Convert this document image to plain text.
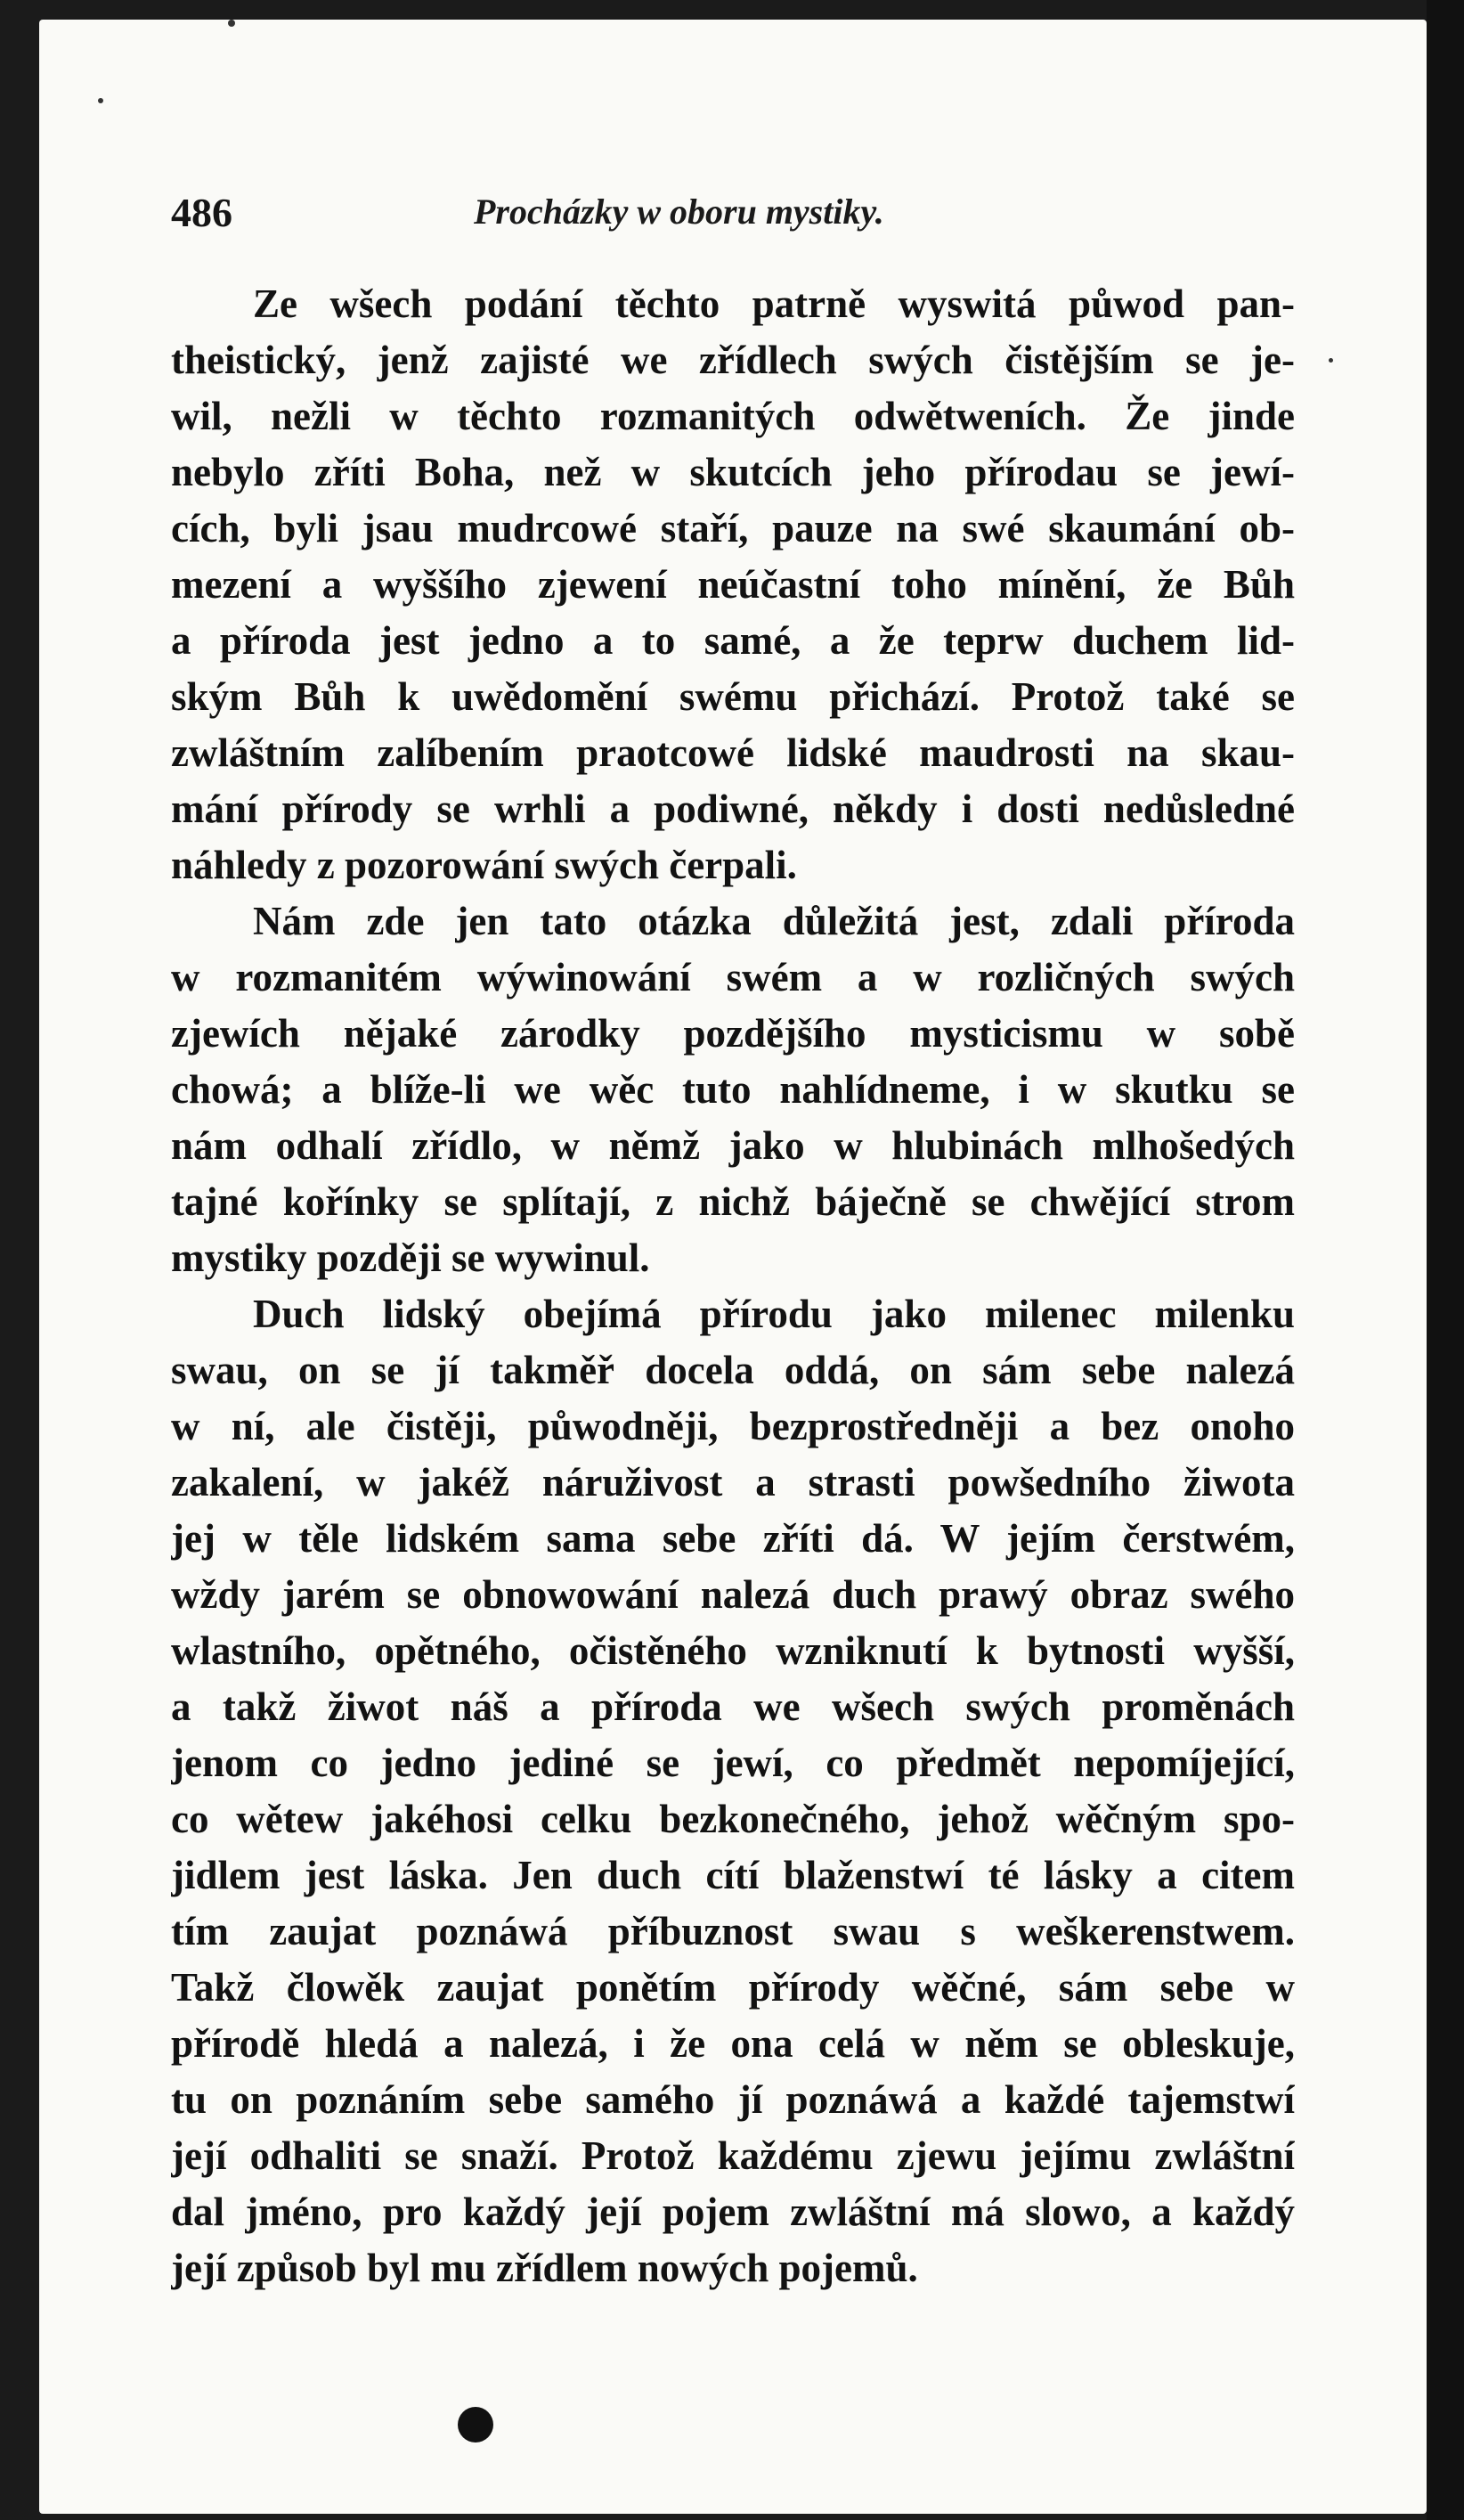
486	Procházky w oboru mystiky.
Ze wšech podání těchto patrně wyswitá půwod pan-
theistický, jenž zajisté we zřídlech swých čistějším se je-
wil, nežli w těchto rozmanitých odwětweních. Že jinde
nebylo zříti Boha, než w skutcích jeho přírodau se jewí-
cích, byli jsau mudrcowé staří, pauze na swé skaumání ob-
mezení a wyššího zjewení neúčastní toho mínění, že Bůh
a příroda jest jedno a to samé, a že teprw duchem lid-
ským Bůh k uwědomění swému přichází. Protož také se
zwláštním zalíbením praotcowé lidské maudrosti na skau-
mání přírody se wrhli a podiwné, někdy i dosti nedůsledné
náhledy z pozorowání swých čerpali.
Nám zde jen tato otázka důležitá jest, zdali příroda
w rozmanitém wýwinowání swém a w rozličných swých
zjewích nějaké zárodky pozdějšího mysticismu w sobě
chowá; a blíže-li we wěc tuto nahlídneme, i w skutku se
nám odhalí zřídlo, w němž jako w hlubinách mlhošedých
tajné kořínky se splítají, z nichž báječně se chwějící strom
mystiky později se wywinul.
Duch lidský obejímá přírodu jako milenec milenku
swau, on se jí takměř docela oddá, on sám sebe nalezá
w ní, ale čistěji, půwodněji, bezprostředněji a bez onoho
zakalení, w jakéž náruživost a strasti powšedního žiwota
jej w těle lidském sama sebe zříti dá. W jejím čerstwém,
wždy jarém se obnowowání nalezá duch prawý obraz swého
wlastního, opětného, očistěného wzniknutí k bytnosti wyšší,
a takž žiwot náš a příroda we wšech swých proměnách
jenom co jedno jediné se jewí, co předmět nepomíjející,
co wětew jakéhosi celku bezkonečného, jehož wěčným spo-
jidlem jest láska. Jen duch cítí blaženstwí té lásky a citem
tím zaujat poznáwá příbuznost swau s weškerenstwem.
Takž člowěk zaujat ponětím přírody wěčné, sám sebe w
přírodě hledá a nalezá, i že ona celá w něm se obleskuje,
tu on poznáním sebe samého jí poznáwá a každé tajemstwí
její odhaliti se snaží. Protož každému zjewu jejímu zwláštní
dal jméno, pro každý její pojem zwláštní má slowo, a každý
její způsob byl mu zřídlem nowých pojemů.
